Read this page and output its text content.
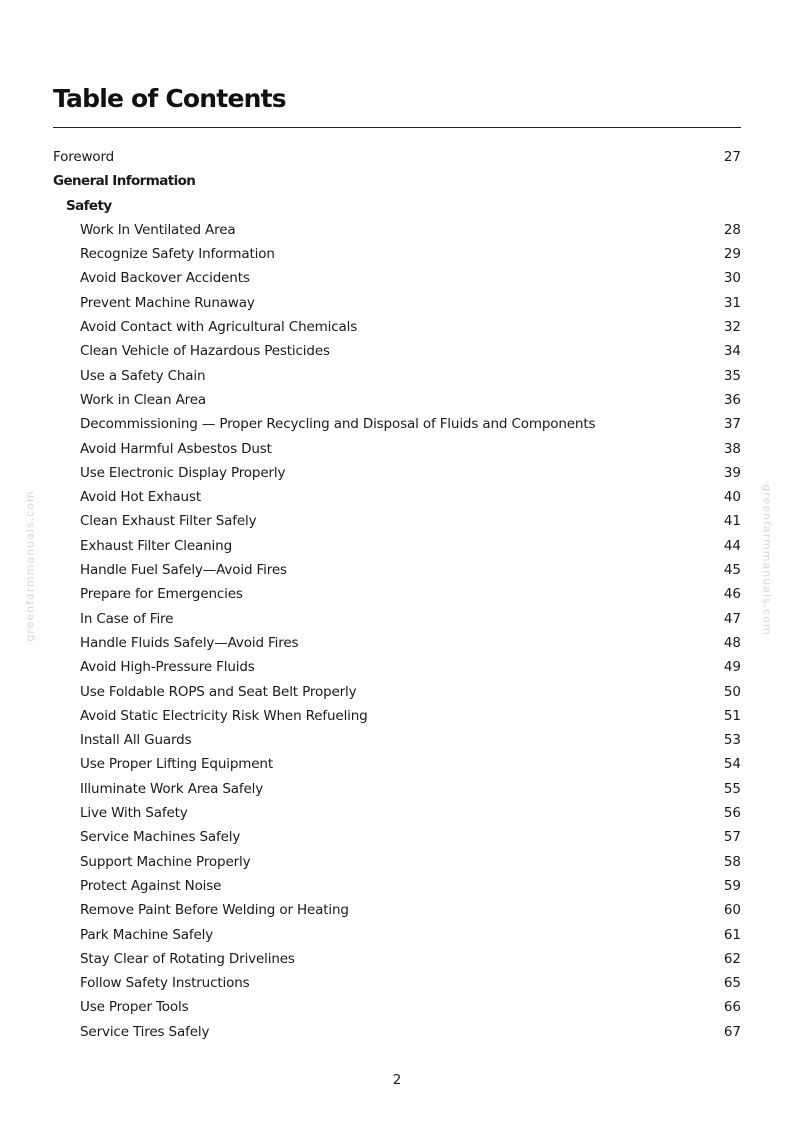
greenfarmmanuals.com	greenfarmmanuals.com
Table of Contents
Foreword	27
General Information
Safety
Work In Ventilated Area	28
Recognize Safety Information	29
Avoid Backover Accidents	30
Prevent Machine Runaway	31
Avoid Contact with Agricultural Chemicals	32
Clean Vehicle of Hazardous Pesticides	34
Use a Safety Chain	35
Work in Clean Area	36
Decommissioning — Proper Recycling and Disposal of Fluids and Components	37
Avoid Harmful Asbestos Dust	38
Use Electronic Display Properly	39
Avoid Hot Exhaust	40
Clean Exhaust Filter Safely	41
Exhaust Filter Cleaning	44
Handle Fuel Safely—Avoid Fires	45
Prepare for Emergencies	46
In Case of Fire	47
Handle Fluids Safely—Avoid Fires	48
Avoid High-Pressure Fluids	49
Use Foldable ROPS and Seat Belt Properly	50
Avoid Static Electricity Risk When Refueling	51
Install All Guards	53
Use Proper Lifting Equipment	54
Illuminate Work Area Safely	55
Live With Safety	56
Service Machines Safely	57
Support Machine Properly	58
Protect Against Noise	59
Remove Paint Before Welding or Heating	60
Park Machine Safely	61
Stay Clear of Rotating Drivelines	62
Follow Safety Instructions	65
Use Proper Tools	66
Service Tires Safely	67
2
